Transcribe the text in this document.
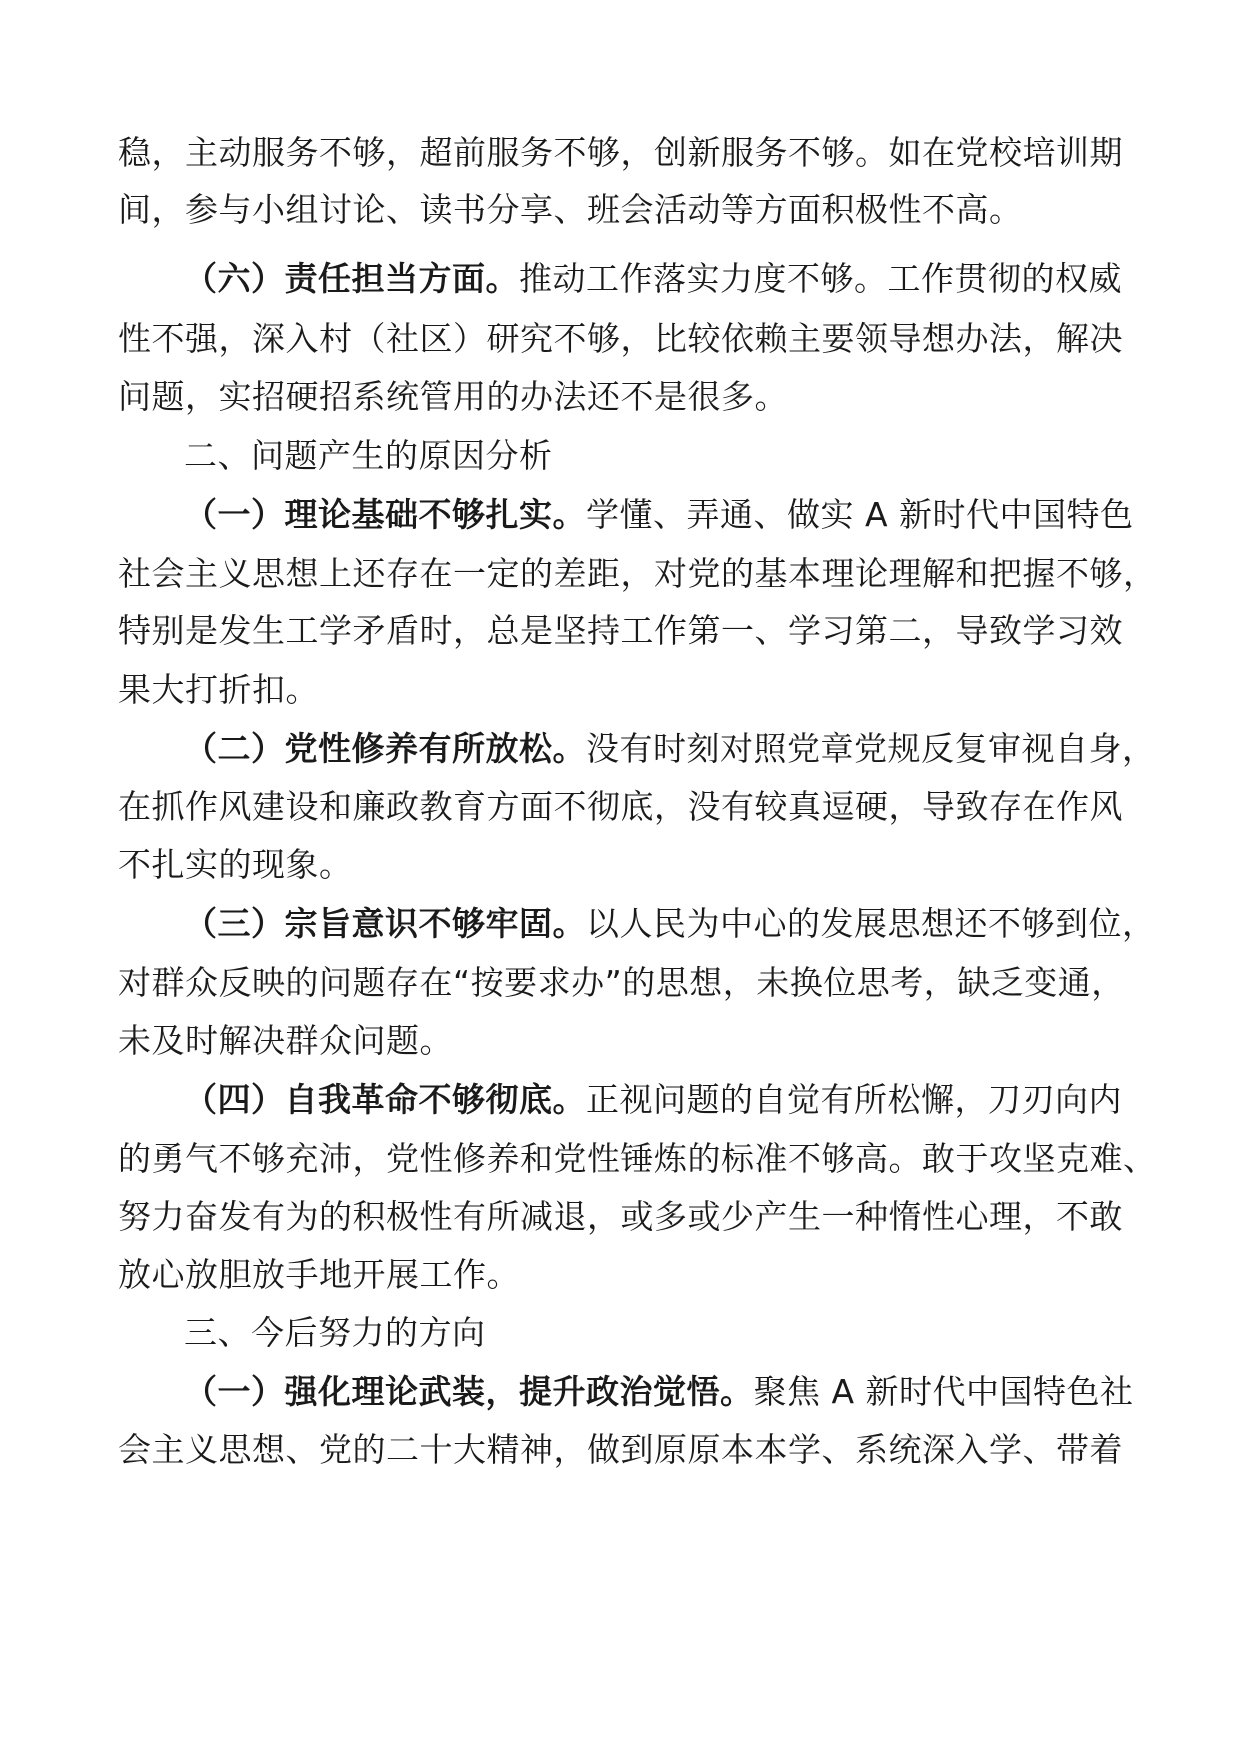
稳，主动服务不够，超前服务不够，创新服务不够。如在党校培训期
间，参与小组讨论、读书分享、班会活动等方面积极性不高。
（六）责任担当方面。推动工作落实力度不够。工作贯彻的权威
性不强，深入村（社区）研究不够，比较依赖主要领导想办法，解决
问题，实招硬招系统管用的办法还不是很多。
二、问题产生的原因分析
（一）理论基础不够扎实。学懂、弄通、做实 A 新时代中国特色
社会主义思想上还存在一定的差距，对党的基本理论理解和把握不够，
特别是发生工学矛盾时，总是坚持工作第一、学习第二，导致学习效
果大打折扣。
（二）党性修养有所放松。没有时刻对照党章党规反复审视自身，
在抓作风建设和廉政教育方面不彻底，没有较真逗硬，导致存在作风
不扎实的现象。
（三）宗旨意识不够牢固。以人民为中心的发展思想还不够到位，
对群众反映的问题存在“按要求办”的思想，未换位思考，缺乏变通，
未及时解决群众问题。
（四）自我革命不够彻底。正视问题的自觉有所松懈，刀刃向内
的勇气不够充沛，党性修养和党性锤炼的标准不够高。敢于攻坚克难、
努力奋发有为的积极性有所减退，或多或少产生一种惰性心理，不敢
放心放胆放手地开展工作。
三、今后努力的方向
（一）强化理论武装，提升政治觉悟。聚焦 A 新时代中国特色社
会主义思想、党的二十大精神，做到原原本本学、系统深入学、带着
